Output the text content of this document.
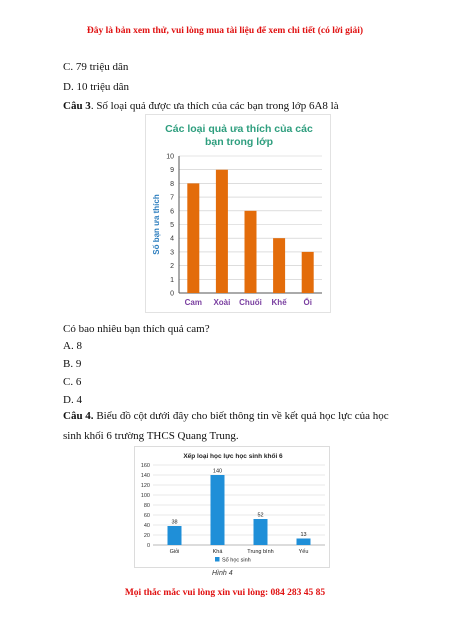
Đây là bản xem thử, vui lòng mua tài liệu để xem chi tiết (có lời giải)
C. 79 triệu dân
D. 10 triệu dân
Câu 3. Số loại quả được ưa thích của các bạn trong lớp 6A8 là
Các loại quả ưa thích của các
bạn trong lớp
0
1
2
3
4
5
6
7
8
9
10
Số bạn ưa thích
Cam Xoài Chuối Khế Ổi
Có bao nhiêu bạn thích quả cam?
A. 8
B. 9
C. 6
D. 4
Câu 4. Biểu đồ cột dưới đây cho biết thông tin về kết quả học lực của học sinh khối 6 trường THCS Quang Trung.
Xếp loại học lực học sinh khối 6
0
20
40
60
80
100
120
140
160
38
Giỏi
140
Khá
52
Trung bình
13
Yếu
Số học sinh
Hình 4
Mọi thắc mắc vui lòng xin vui lòng: 084 283 45 85
